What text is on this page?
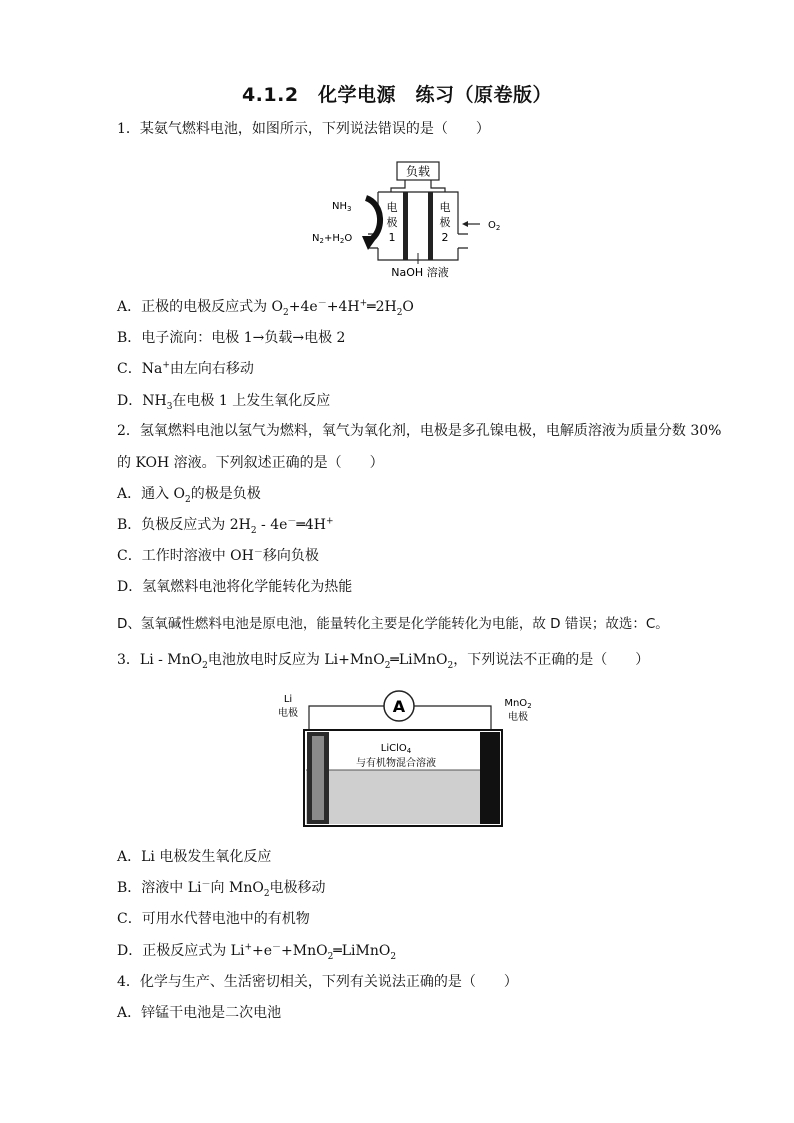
4.1.2　化学电源　练习（原卷版）
1．某氨气燃料电池，如图所示，下列说法错误的是（　　）
负载
电
极
1
电
极
2
$NH_3$
$N_2+H_2O$
$O_2$
NaOH 溶液
A．正极的电极反应式为 $O_2+4e^-+4H^+═2H_2O$
B．电子流向：电极 1→负载→电极 2
C．Na+由左向右移动
D．$NH_3$在电极 1 上发生氧化反应
2．氢氧燃料电池以氢气为燃料，氧气为氧化剂，电极是多孔镍电极，电解质溶液为质量分数 30%
的 KOH 溶液。下列叙述正确的是（　　）
A．通入 $O_2$的极是负极
B．负极反应式为 $2H_2$ - 4e－═4H+
C．工作时溶液中 OH－移向负极
D．氢氧燃料电池将化学能转化为热能
D、氢氧碱性燃料电池是原电池，能量转化主要是化学能转化为电能，故 D 错误；故选：C。
3．Li - MnO$_2$电池放电时反应为 Li+MnO$_2$═LiMnO$_2$，下列说法不正确的是（　　）
Li
电极
MnO$_2$
电极
A
LiClO$_4$
与有机物混合溶液
A．Li 电极发生氧化反应
B．溶液中 Li－向 MnO$_2$电极移动
C．可用水代替电池中的有机物
D．正极反应式为 Li++e－+MnO$_2$═LiMnO$_2$
4．化学与生产、生活密切相关，下列有关说法正确的是（　　）
A．锌锰干电池是二次电池
